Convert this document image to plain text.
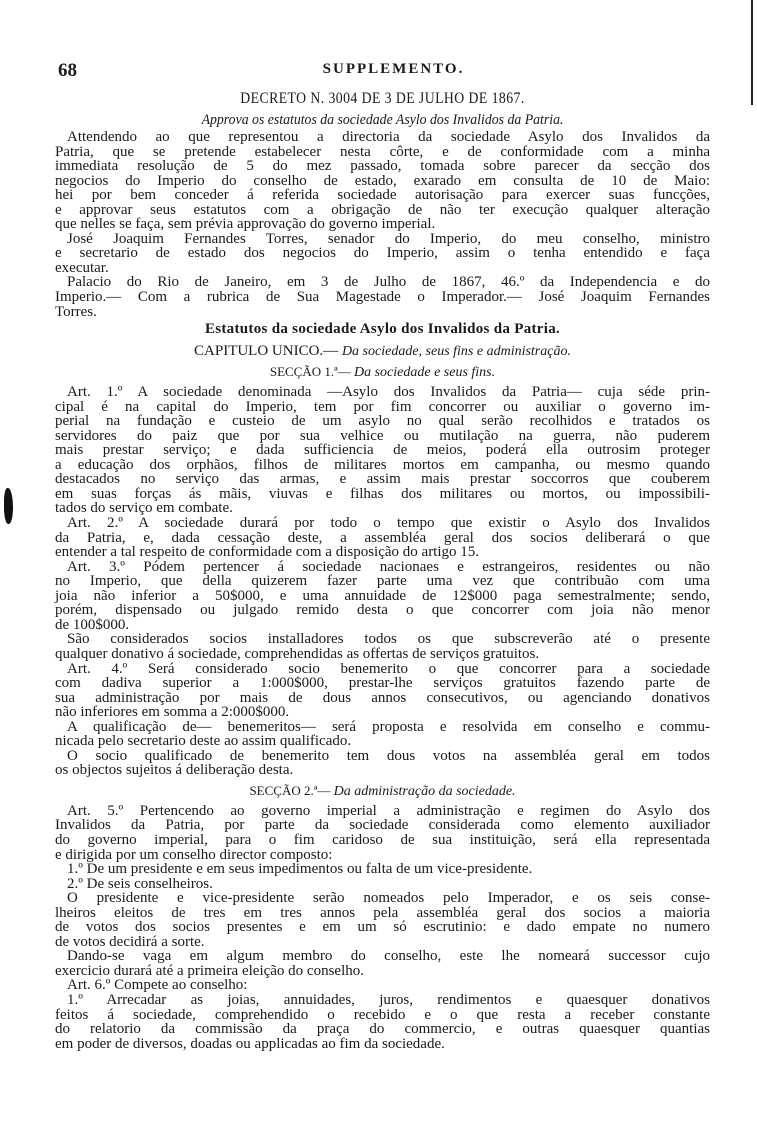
68	SUPPLEMENTO.
DECRETO N. 3004 DE 3 DE JULHO DE 1867.
Approva os estatutos da sociedade Asylo dos Invalidos da Patria.
Attendendo ao que representou a directoria da sociedade Asylo dos Invalidos da
Patria, que se pretende estabelecer nesta côrte, e de conformidade com a minha
immediata resolução de 5 do mez passado, tomada sobre parecer da secção dos
negocios do Imperio do conselho de estado, exarado em consulta de 10 de Maio:
hei por bem conceder á referida sociedade autorisação para exercer suas funcções,
e approvar seus estatutos com a obrigação de não ter execução qualquer alteração
que nelles se faça, sem prévia approvação do governo imperial.
José Joaquim Fernandes Torres, senador do Imperio, do meu conselho, ministro
e secretario de estado dos negocios do Imperio, assim o tenha entendido e faça
executar.
Palacio do Rio de Janeiro, em 3 de Julho de 1867, 46.º da Independencia e do
Imperio.— Com a rubrica de Sua Magestade o Imperador.— José Joaquim Fernandes
Torres.
Estatutos da sociedade Asylo dos Invalidos da Patria.
CAPITULO UNICO.— Da sociedade, seus fins e administração.
SECÇÃO 1.ª— Da sociedade e seus fins.
Art. 1.º A sociedade denominada —Asylo dos Invalidos da Patria— cuja séde prin-
cipal é na capital do Imperio, tem por fim concorrer ou auxiliar o governo im-
perial na fundação e custeio de um asylo no qual serão recolhidos e tratados os
servidores do paiz que por sua velhice ou mutilação na guerra, não puderem
mais prestar serviço; e dada sufficiencia de meios, poderá ella outrosim proteger
a educação dos orphãos, filhos de militares mortos em campanha, ou mesmo quando
destacados no serviço das armas, e assim mais prestar soccorros que couberem
em suas forças ás mãis, viuvas e filhas dos militares ou mortos, ou impossibili-
tados do serviço em combate.
Art. 2.º A sociedade durará por todo o tempo que existir o Asylo dos Invalidos
da Patria, e, dada cessação deste, a assembléa geral dos socios deliberará o que
entender a tal respeito de conformidade com a disposição do artigo 15.
Art. 3.º Pódem pertencer á sociedade nacionaes e estrangeiros, residentes ou não
no Imperio, que della quizerem fazer parte uma vez que contribuão com uma
joia não inferior a 50$000, e uma annuidade de 12$000 paga semestralmente; sendo,
porém, dispensado ou julgado remido desta o que concorrer com joia não menor
de 100$000.
São considerados socios installadores todos os que subscreverão até o presente
qualquer donativo á sociedade, comprehendidas as offertas de serviços gratuitos.
Art. 4.º Será considerado socio benemerito o que concorrer para a sociedade
com dadiva superior a 1:000$000, prestar-lhe serviços gratuitos fazendo parte de
sua administração por mais de dous annos consecutivos, ou agenciando donativos
não inferiores em somma a 2:000$000.
A qualificação de— benemeritos— será proposta e resolvida em conselho e commu-
nicada pelo secretario deste ao assim qualificado.
O socio qualificado de benemerito tem dous votos na assembléa geral em todos
os objectos sujeitos á deliberação desta.
SECÇÃO 2.ª— Da administração da sociedade.
Art. 5.º Pertencendo ao governo imperial a administração e regimen do Asylo dos
Invalidos da Patria, por parte da sociedade considerada como elemento auxiliador
do governo imperial, para o fim caridoso de sua instituição, será ella representada
e dirigida por um conselho director composto:
1.º De um presidente e em seus impedimentos ou falta de um vice-presidente.
2.º De seis conselheiros.
O presidente e vice-presidente serão nomeados pelo Imperador, e os seis conse-
lheiros eleitos de tres em tres annos pela assembléa geral dos socios a maioria
de votos dos socios presentes e em um só escrutinio: e dado empate no numero
de votos decidirá a sorte.
Dando-se vaga em algum membro do conselho, este lhe nomeará successor cujo
exercicio durará até a primeira eleição do conselho.
Art. 6.º Compete ao conselho:
1.º Arrecadar as joias, annuidades, juros, rendimentos e quaesquer donativos
feitos á sociedade, comprehendido o recebido e o que resta a receber constante
do relatorio da commissão da praça do commercio, e outras quaesquer quantias
em poder de diversos, doadas ou applicadas ao fim da sociedade.
